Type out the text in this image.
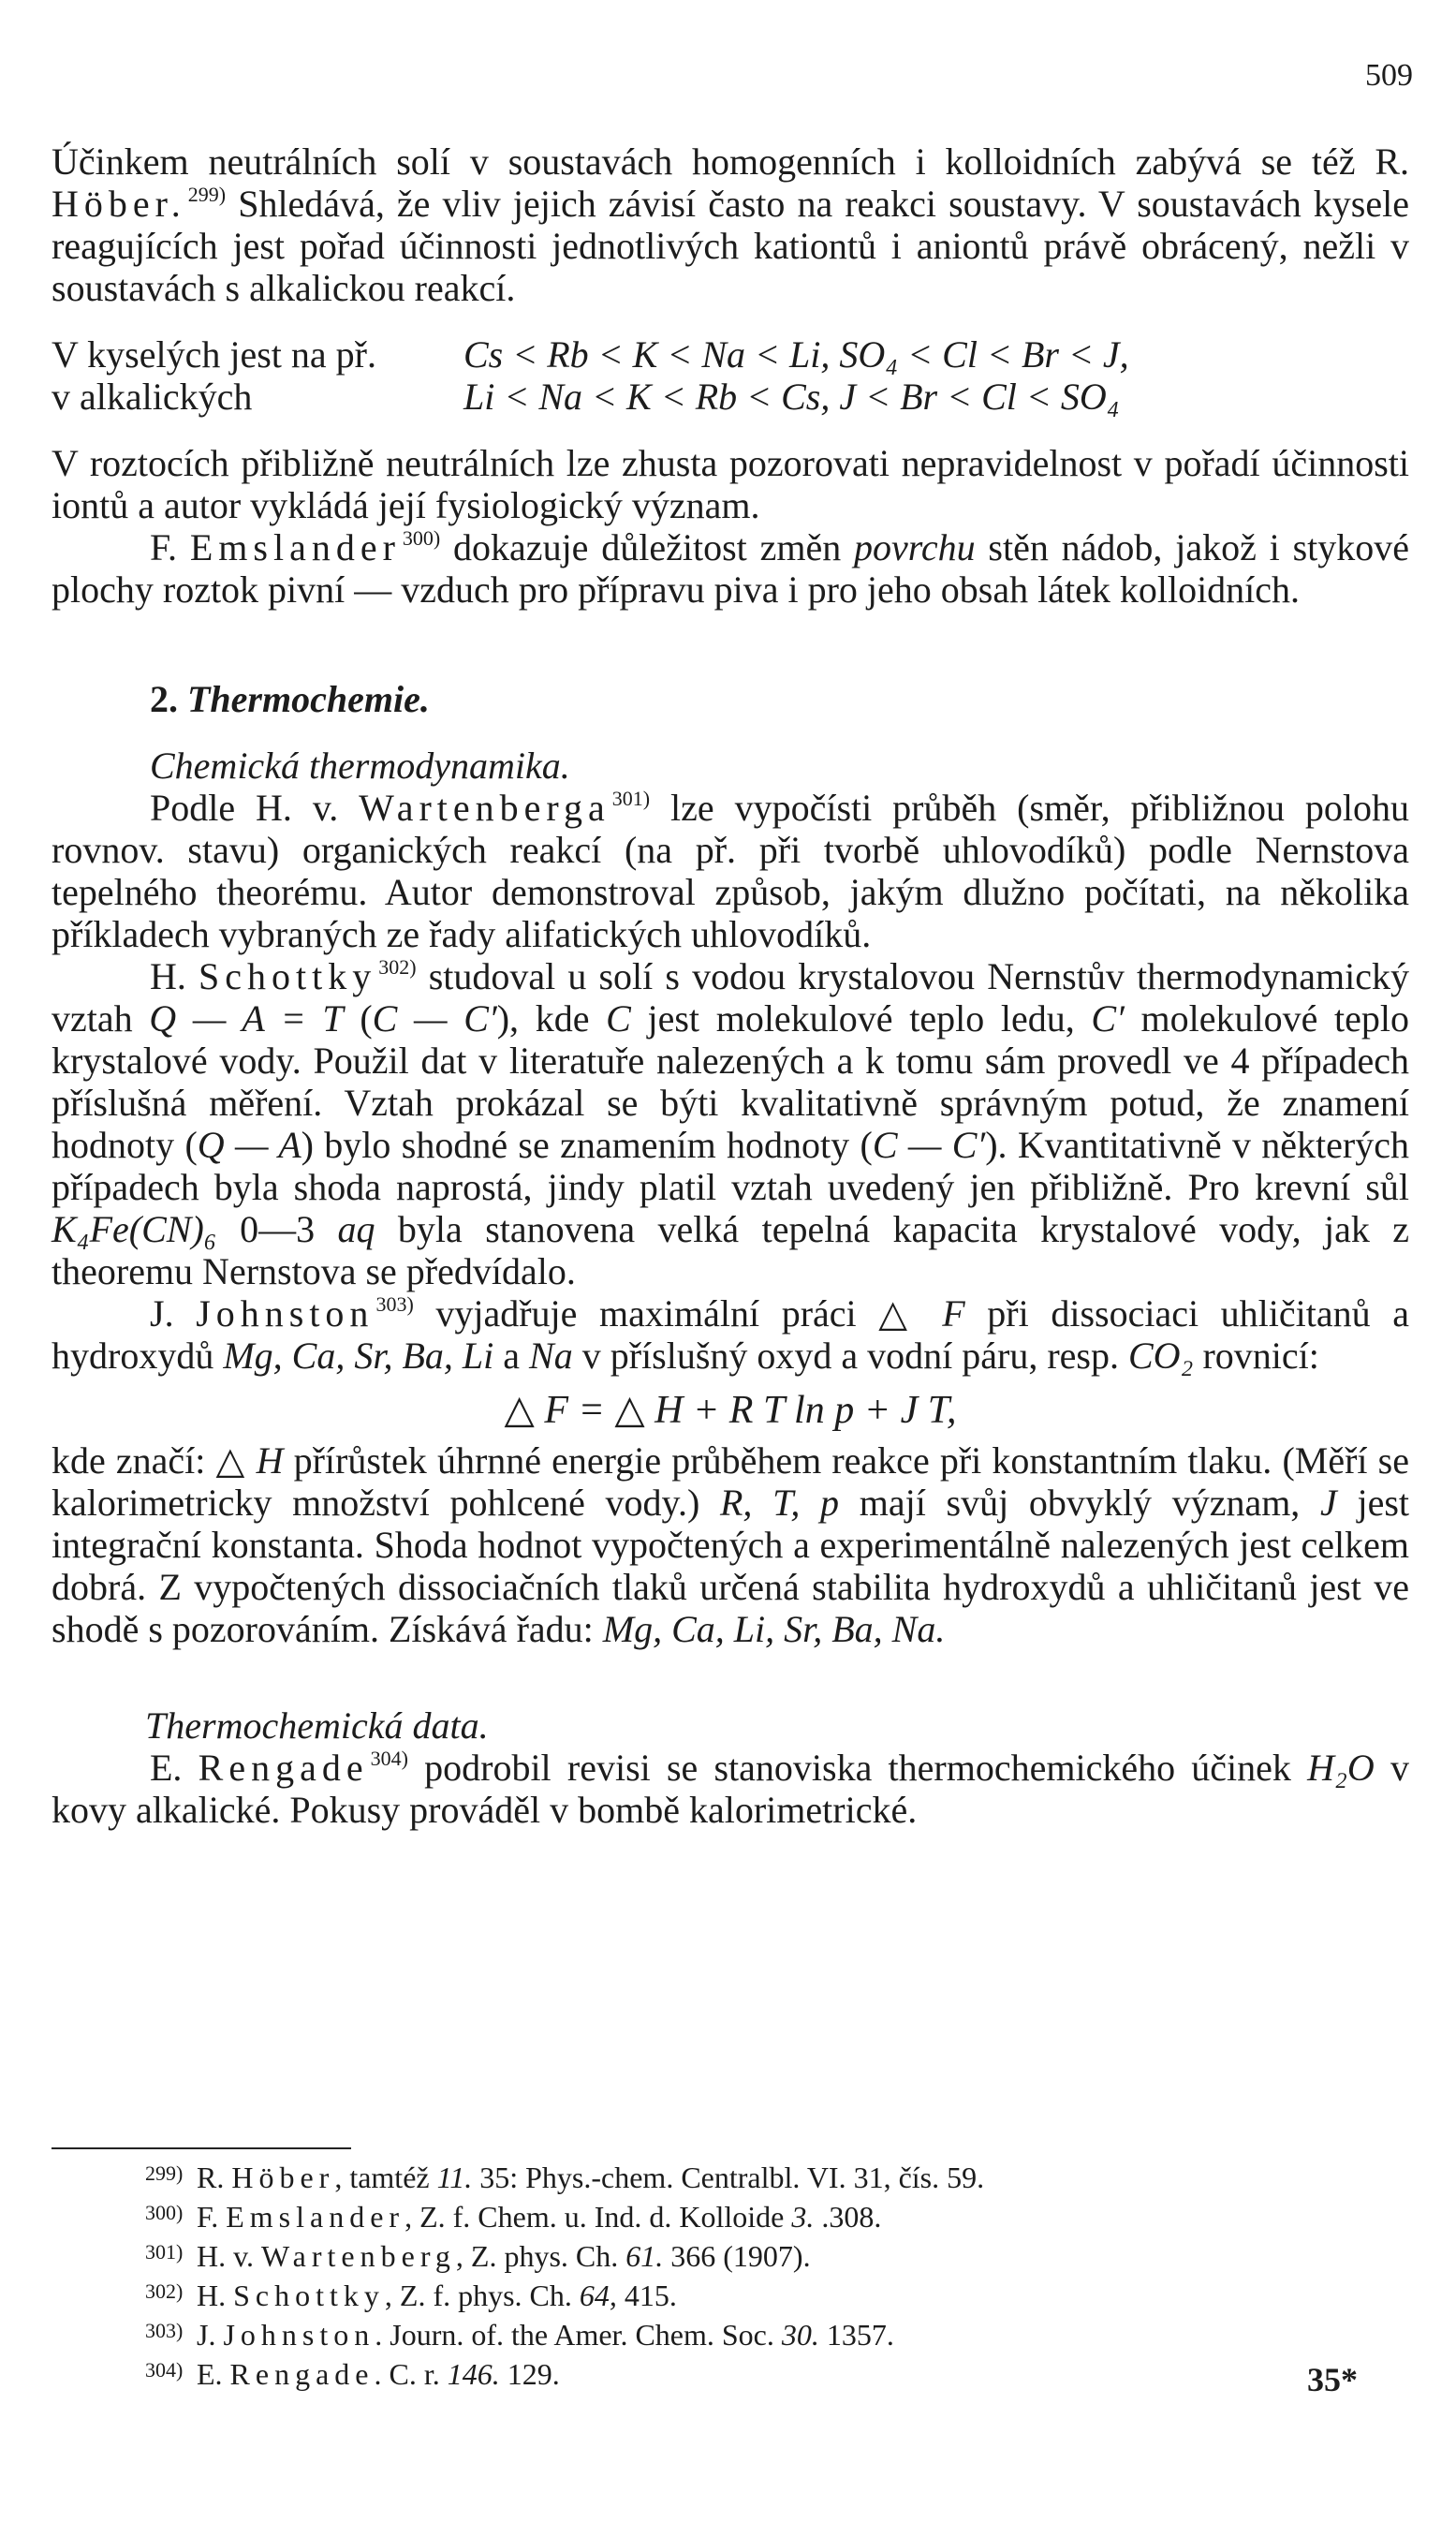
509

Účinkem neutrálních solí v soustavách homogenních i kolloidních zabývá se též R. Höber.$^{299)}$ Shledává, že vliv jejich závisí často na reakci soustavy. V soustavách kysele reagujících jest pořad účinnosti jednotlivých kationtů i aniontů právě obrácený, nežli v soustavách s alkalickou reakcí.

V kyselých jest na př.	Cs < Rb < K < Na < Li, SO₄ < Cl < Br < J,
v alkalických	Li < Na < K < Rb < Cs, J < Br < Cl < SO₄

V roztocích přibližně neutrálních lze zhusta pozorovati nepravidelnost v pořadí účinnosti iontů a autor vykládá její fysiologický význam.

F. Emslander$^{300)}$ dokazuje důležitost změn povrchu stěn nádob, jakož i stykové plochy roztok pivní — vzduch pro přípravu piva i pro jeho obsah látek kolloidních.

2. Thermochemie.
Chemická thermodynamika.

Podle H. v. Wartenberga$^{301)}$ lze vypočísti průběh (směr, přibližnou polohu rovnov. stavu) organických reakcí (na př. při tvorbě uhlovodíků) podle Nernstova tepelného theorému. Autor demonstroval způsob, jakým dlužno počítati, na několika příkladech vybraných ze řady alifatických uhlovodíků.

H. Schottky$^{302)}$ studoval u solí s vodou krystalovou Nernstův thermodynamický vztah Q — A = T (C — C′), kde C jest molekulové teplo ledu, C′ molekulové teplo krystalové vody. Použil dat v literatuře nalezených a k tomu sám provedl ve 4 případech příslušná měření. Vztah prokázal se býti kvalitativně správným potud, že znamení hodnoty (Q — A) bylo shodné se znamením hodnoty (C — C′). Kvantitativně v některých případech byla shoda naprostá, jindy platil vztah uvedený jen přibližně. Pro krevní sůl K₄Fe(CN)₆ 0—3 aq byla stanovena velká tepelná kapacita krystalové vody, jak z theoremu Nernstova se předvídalo.

J. Johnston$^{303)}$ vyjadřuje maximální práci △ F při dissociaci uhličitanů a hydroxydů Mg, Ca, Sr, Ba, Li a Na v příslušný oxyd a vodní páru, resp. CO₂ rovnicí:

△ F = △ H + R T ln p + J T,

kde značí: △ H přírůstek úhrnné energie průběhem reakce při konstantním tlaku. (Měří se kalorimetricky množství pohlcené vody.) R, T, p mají svůj obvyklý význam, J jest integrační konstanta. Shoda hodnot vypočtených a experimentálně nalezených jest celkem dobrá. Z vypočtených dissociačních tlaků určená stabilita hydroxydů a uhličitanů jest ve shodě s pozorováním. Získává řadu: Mg, Ca, Li, Sr, Ba, Na.

Thermochemická data.

E. Rengade$^{304)}$ podrobil revisi se stanoviska thermochemického účinek H₂O v kovy alkalické. Pokusy prováděl v bombě kalorimetrické.

299) R. Höber, tamtéž 11. 35: Phys.-chem. Centralbl. VI. 31, čís. 59.
300) F. Emslander, Z. f. Chem. u. Ind. d. Kolloide 3. .308.
301) H. v. Wartenberg, Z. phys. Ch. 61. 366 (1907).
302) H. Schottky, Z. f. phys. Ch. 64, 415.
303) J. Johnston. Journ. of. the Amer. Chem. Soc. 30. 1357.
304) E. Rengade. C. r. 146. 129.	35*
